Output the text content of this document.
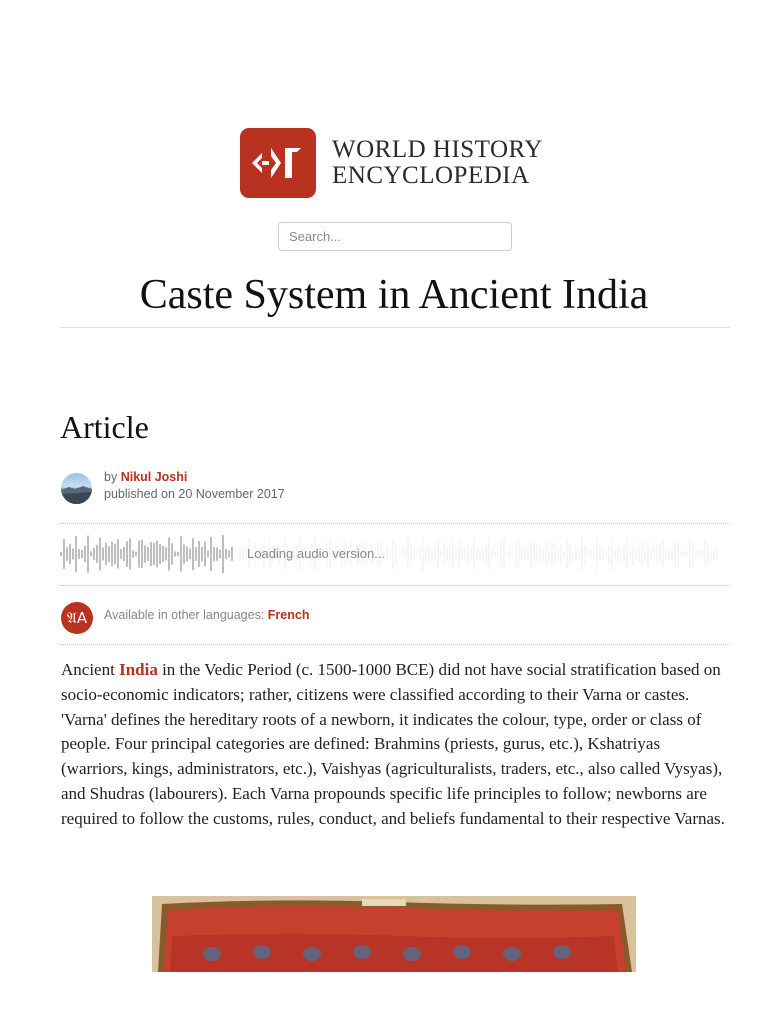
WORLD HISTORY
ENCYCLOPEDIA
Search...
Caste System in Ancient India
Article
by Nikul Joshi
published on 20 November 2017
Loading audio version...
𝔄A	Available in other languages: French

Ancient India in the Vedic Period (c. 1500-1000 BCE) did not have social stratification based on socio-economic indicators; rather, citizens were classified according to their Varna or castes. 'Varna' defines the hereditary roots of a newborn, it indicates the colour, type, order or class of people. Four principal categories are defined: Brahmins (priests, gurus, etc.), Kshatriyas (warriors, kings, administrators, etc.), Vaishyas (agriculturalists, traders, etc., also called Vysyas), and Shudras (labourers). Each Varna propounds specific life principles to follow; newborns are required to follow the customs, rules, conduct, and beliefs fundamental to their respective Varnas.
